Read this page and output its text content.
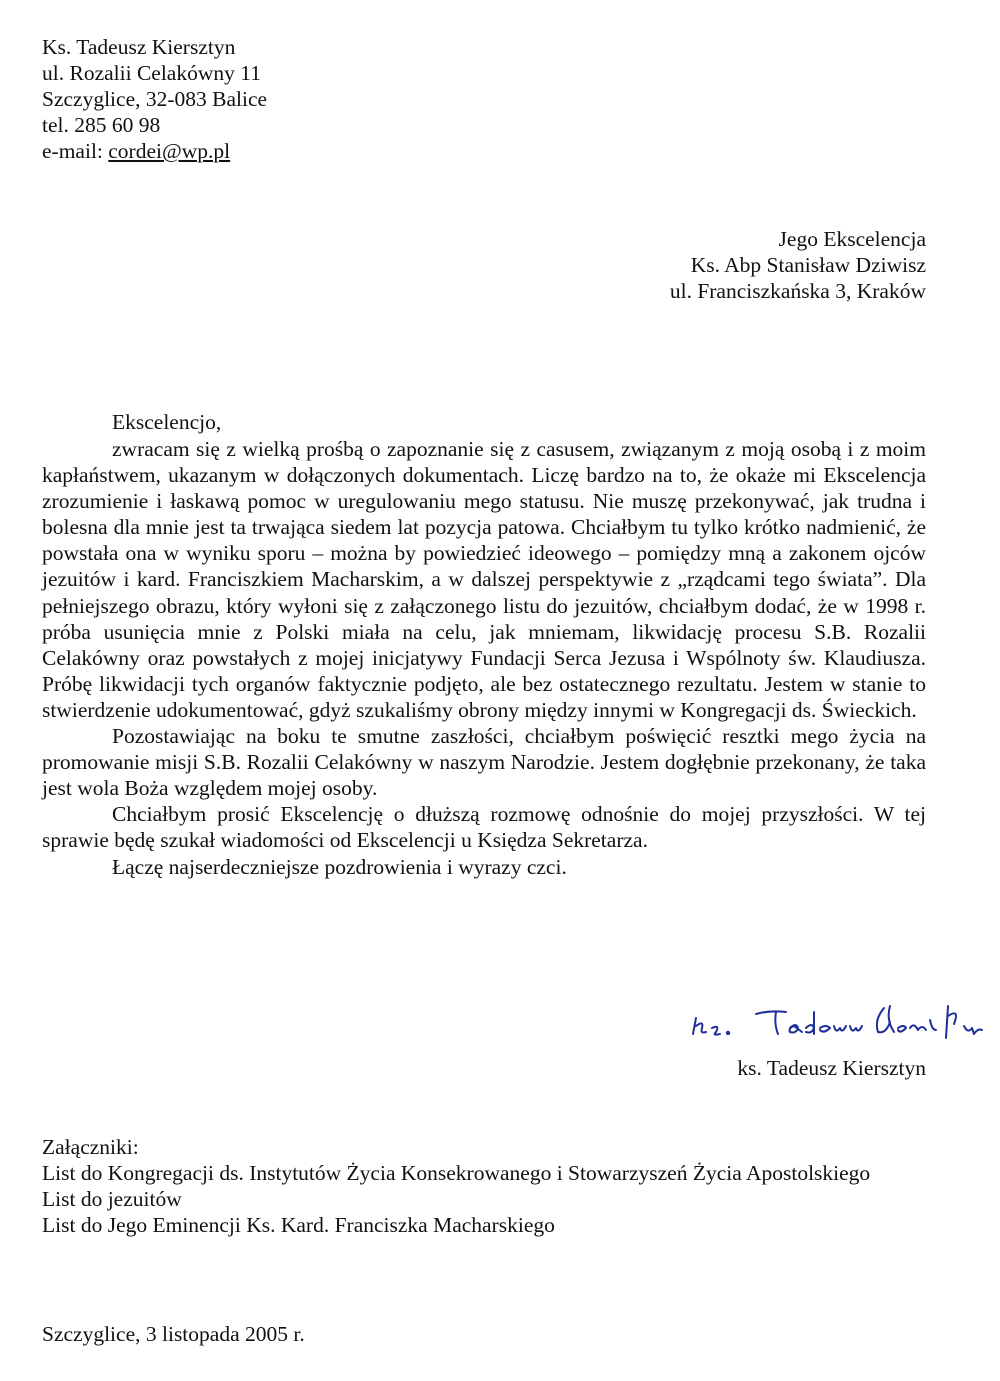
Ks. Tadeusz Kiersztyn
ul. Rozalii Celakówny 11
Szczyglice, 32-083 Balice
tel. 285 60 98
e-mail: cordei@wp.pl
Jego Ekscelencja
Ks. Abp Stanisław Dziwisz
ul. Franciszkańska 3, Kraków
Ekscelencjo,

zwracam się z wielką prośbą o zapoznanie się z casusem, związanym z moją osobą i z moim kapłaństwem, ukazanym w dołączonych dokumentach. Liczę bardzo na to, że okaże mi Ekscelencja zrozumienie i łaskawą pomoc w uregulowaniu mego statusu. Nie muszę przekonywać, jak trudna i bolesna dla mnie jest ta trwająca siedem lat pozycja patowa. Chciałbym tu tylko krótko nadmienić, że powstała ona w wyniku sporu – można by powiedzieć ideowego – pomiędzy mną a zakonem ojców jezuitów i kard. Franciszkiem Macharskim, a w dalszej perspektywie z „rządcami tego świata”. Dla pełniejszego obrazu, który wyłoni się z załączonego listu do jezuitów, chciałbym dodać, że w 1998 r. próba usunięcia mnie z Polski miała na celu, jak mniemam, likwidację procesu S.B. Rozalii Celakówny oraz powstałych z mojej inicjatywy Fundacji Serca Jezusa i Wspólnoty św. Klaudiusza. Próbę likwidacji tych organów faktycznie podjęto, ale bez ostatecznego rezultatu. Jestem w stanie to stwierdzenie udokumentować, gdyż szukaliśmy obrony między innymi w Kongregacji ds. Świeckich.

Pozostawiając na boku te smutne zaszłości, chciałbym poświęcić resztki mego życia na promowanie misji S.B. Rozalii Celakówny w naszym Narodzie. Jestem dogłębnie przekonany, że taka jest wola Boża względem mojej osoby.

Chciałbym prosić Ekscelencję o dłuższą rozmowę odnośnie do mojej przyszłości. W tej sprawie będę szukał wiadomości od Ekscelencji u Księdza Sekretarza.

Łączę najserdeczniejsze pozdrowienia i wyrazy czci.

ks. Tadeusz Kiersztyn
Załączniki:
List do Kongregacji ds. Instytutów Życia Konsekrowanego i Stowarzyszeń Życia Apostolskiego
List do jezuitów
List do Jego Eminencji Ks. Kard. Franciszka Macharskiego
Szczyglice, 3 listopada 2005 r.
